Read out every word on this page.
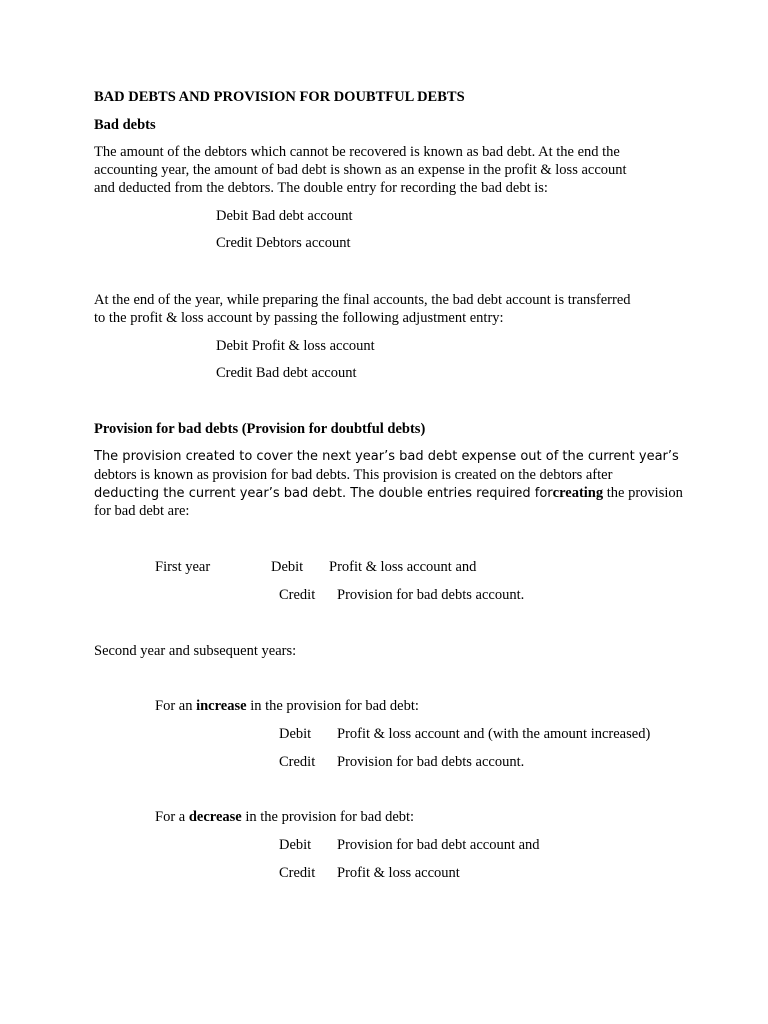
BAD DEBTS AND PROVISION FOR DOUBTFUL DEBTS
Bad debts
The amount of the debtors which cannot be recovered is known as bad debt. At the end the
accounting year, the amount of bad debt is shown as an expense in the profit & loss account
and deducted from the debtors. The double entry for recording the bad debt is:
Debit Bad debt account
Credit Debtors account
At the end of the year, while preparing the final accounts, the bad debt account is transferred
to the profit & loss account by passing the following adjustment entry:
Debit Profit & loss account
Credit Bad debt account
Provision for bad debts (Provision for doubtful debts)
The provision created to cover the next year’s bad debt expense out of the current year’s
debtors is known as provision for bad debts. This provision is created on the debtors after
deducting the current year’s bad debt. The double entries required forcreating the provision
for bad debt are:
First year	Debit Profit & loss account and
Credit Provision for bad debts account.
Second year and subsequent years:
For an increase in the provision for bad debt:
Debit Profit & loss account and (with the amount increased)
Credit Provision for bad debts account.
For a decrease in the provision for bad debt:
Debit Provision for bad debt account and
Credit Profit & loss account
